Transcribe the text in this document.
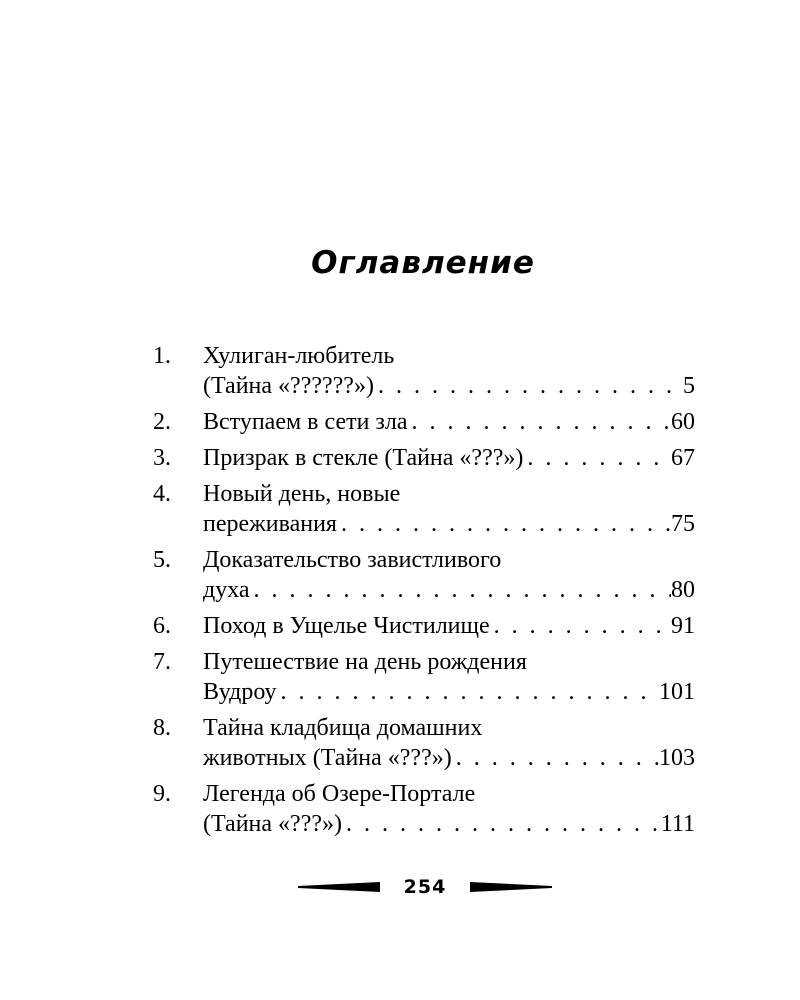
Оглавление
1.	Хулиган-любитель
(Тайна «??????») . . .	5
2.	Вступаем в сети зла . . .	60
3.	Призрак в стекле (Тайна «???») . . .	67
4.	Новый день, новые
переживания . . .	75
5.	Доказательство завистливого
духа . . .	80
6.	Поход в Ущелье Чистилище . . .	91
7.	Путешествие на день рождения
Вудроу . . .	101
8.	Тайна кладбища домашних
животных (Тайна «???») . . .	103
9.	Легенда об Озере-Портале
(Тайна «???») . . .	111
254
